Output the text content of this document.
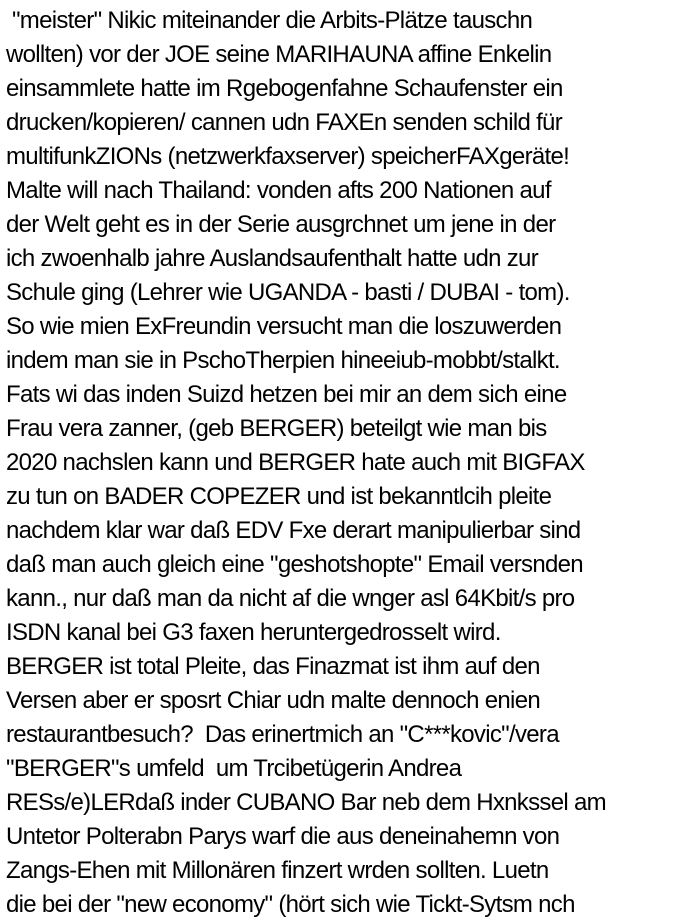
"meister" Nikic miteinander die Arbits-Plätze tauschn
wollten) vor der JOE seine MARIHAUNA affine Enkelin
einsammlete hatte im Rgebogenfahne Schaufenster ein
drucken/kopieren/ cannen udn FAXEn senden schild für
multifunkZIONs (netzwerkfaxserver) speicherFAXgeräte!
Malte will nach Thailand: vonden afts 200 Nationen auf
der Welt geht es in der Serie ausgrchnet um jene in der
ich zwoenhalb jahre Auslandsaufenthalt hatte udn zur
Schule ging (Lehrer wie UGANDA - basti / DUBAI - tom).
So wie mien ExFreundin versucht man die loszuwerden
indem man sie in PschoTherpien hineeiub-mobbt/stalkt.
Fats wi das inden Suizd hetzen bei mir an dem sich eine
Frau vera zanner, (geb BERGER) beteilgt wie man bis
2020 nachslen kann und BERGER hate auch mit BIGFAX
zu tun on BADER COPEZER und ist bekanntlcih pleite
nachdem klar war daß EDV Fxe derart manipulierbar sind
daß man auch gleich eine "geshotshopte" Email versnden
kann., nur daß man da nicht af die wnger asl 64Kbit/s pro
ISDN kanal bei G3 faxen heruntergedrosselt wird.
BERGER ist total Pleite, das Finazmat ist ihm auf den
Versen aber er sposrt Chiar udn malte dennoch enien
restaurantbesuch?  Das erinertmich an "C***kovic"/vera
"BERGER"s umfeld  um Trcibetügerin Andrea
RESs/e)LERdaß inder CUBANO Bar neb dem Hxnkssel am
Untetor Polterabn Parys warf die aus deneinahemn von
Zangs-Ehen mit Millonären finzert wrden sollten. Luetn
die bei der "new economy" (hört sich wie Tickt-Sytsm nch
